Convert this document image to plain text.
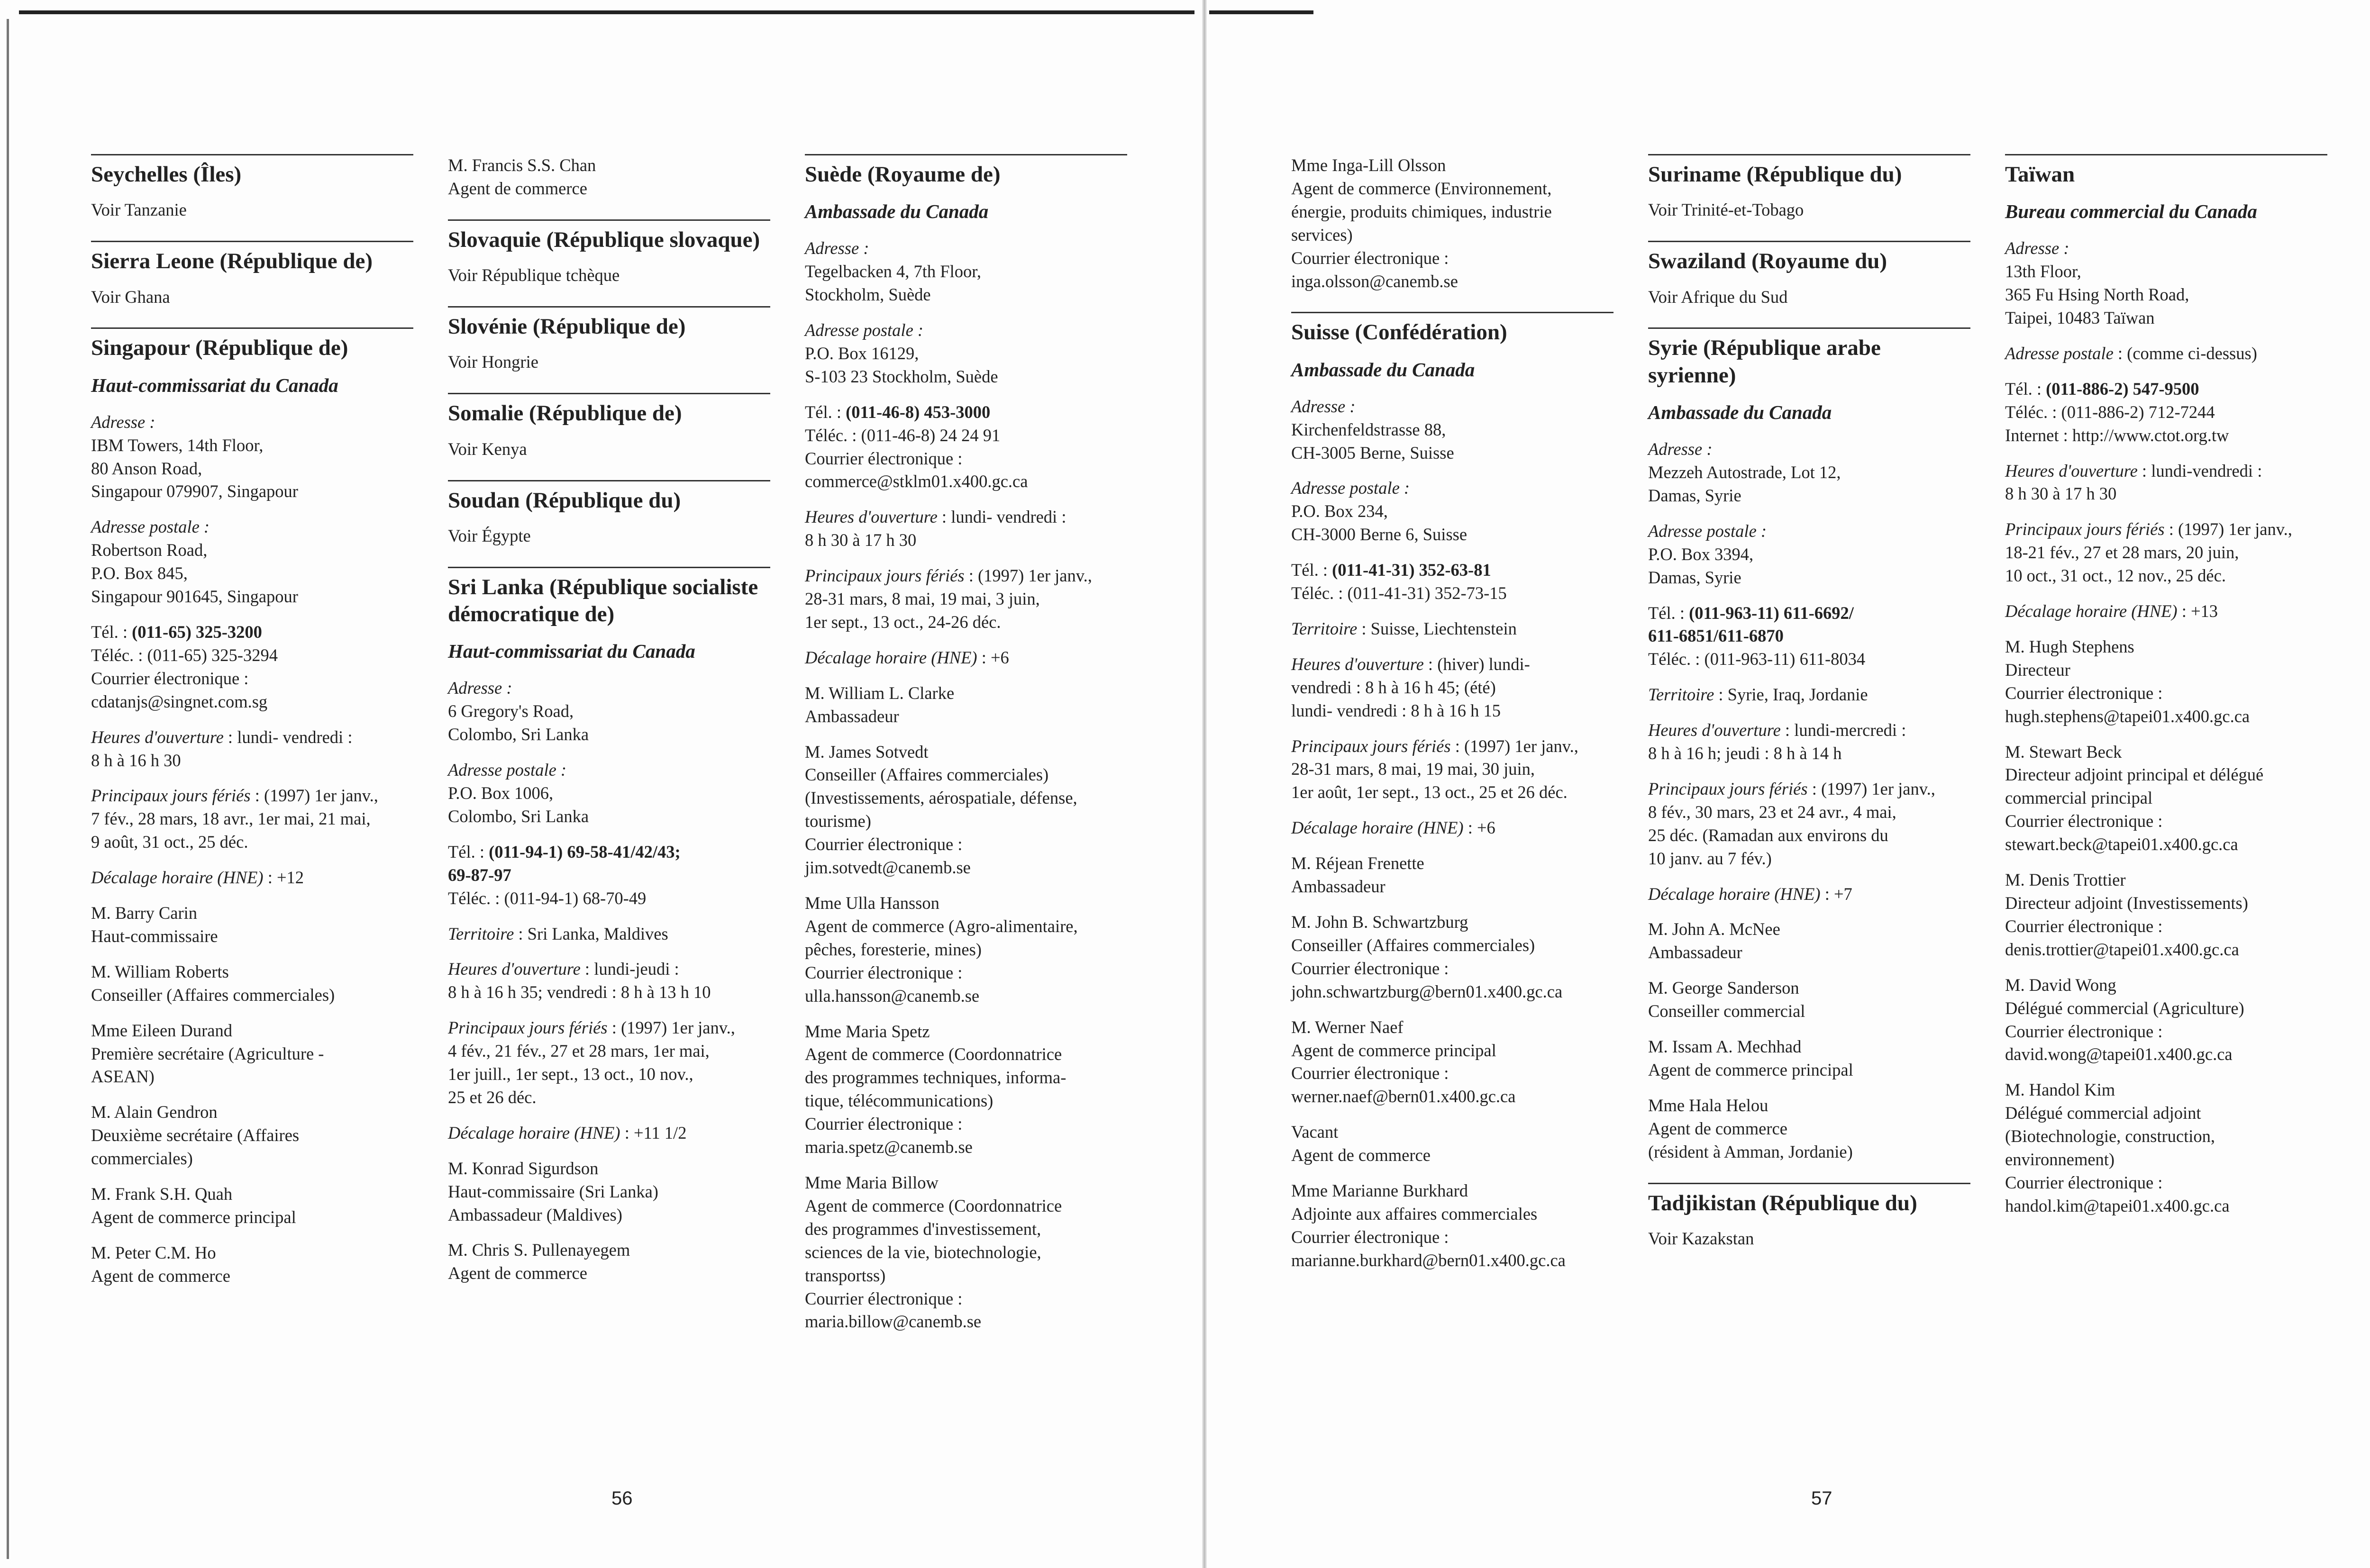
Seychelles (Îles)
Voir Tanzanie
Sierra Leone (République de)
Voir Ghana
Singapour (République de)
Haut-commissariat du Canada
Adresse :
IBM Towers, 14th Floor,
80 Anson Road,
Singapour 079907, Singapour
Adresse postale :
Robertson Road,
P.O. Box 845,
Singapour 901645, Singapour
Tél. : (011-65) 325-3200
Téléc. : (011-65) 325-3294
Courrier électronique :
cdatanjs@singnet.com.sg
Heures d'ouverture : lundi- vendredi :
8 h à 16 h 30
Principaux jours fériés : (1997) 1er janv.,
7 fév., 28 mars, 18 avr., 1er mai, 21 mai,
9 août, 31 oct., 25 déc.
Décalage horaire (HNE) : +12
M. Barry Carin
Haut-commissaire
M. William Roberts
Conseiller (Affaires commerciales)
Mme Eileen Durand
Première secrétaire (Agriculture -
ASEAN)
M. Alain Gendron
Deuxième secrétaire (Affaires
commerciales)
M. Frank S.H. Quah
Agent de commerce principal
M. Peter C.M. Ho
Agent de commerce
M. Francis S.S. Chan
Agent de commerce
Slovaquie (République slovaque)
Voir République tchèque
Slovénie (République de)
Voir Hongrie
Somalie (République de)
Voir Kenya
Soudan (République du)
Voir Égypte
Sri Lanka (République socialiste démocratique de)
Haut-commissariat du Canada
Adresse :
6 Gregory's Road,
Colombo, Sri Lanka
Adresse postale :
P.O. Box 1006,
Colombo, Sri Lanka
Tél. : (011-94-1) 69-58-41/42/43;
69-87-97
Téléc. : (011-94-1) 68-70-49
Territoire : Sri Lanka, Maldives
Heures d'ouverture : lundi-jeudi :
8 h à 16 h 35; vendredi : 8 h à 13 h 10
Principaux jours fériés : (1997) 1er janv.,
4 fév., 21 fév., 27 et 28 mars, 1er mai,
1er juill., 1er sept., 13 oct., 10 nov.,
25 et 26 déc.
Décalage horaire (HNE) : +11 1/2
M. Konrad Sigurdson
Haut-commissaire (Sri Lanka)
Ambassadeur (Maldives)
M. Chris S. Pullenayegem
Agent de commerce
Suède (Royaume de)
Ambassade du Canada
Adresse :
Tegelbacken 4, 7th Floor,
Stockholm, Suède
Adresse postale :
P.O. Box 16129,
S-103 23 Stockholm, Suède
Tél. : (011-46-8) 453-3000
Téléc. : (011-46-8) 24 24 91
Courrier électronique :
commerce@stklm01.x400.gc.ca
Heures d'ouverture : lundi- vendredi :
8 h 30 à 17 h 30
Principaux jours fériés : (1997) 1er janv.,
28-31 mars, 8 mai, 19 mai, 3 juin,
1er sept., 13 oct., 24-26 déc.
Décalage horaire (HNE) : +6
M. William L. Clarke
Ambassadeur
M. James Sotvedt
Conseiller (Affaires commerciales)
(Investissements, aérospatiale, défense,
tourisme)
Courrier électronique :
jim.sotvedt@canemb.se
Mme Ulla Hansson
Agent de commerce (Agro-alimentaire,
pêches, foresterie, mines)
Courrier électronique :
ulla.hansson@canemb.se
Mme Maria Spetz
Agent de commerce (Coordonnatrice
des programmes techniques, informa-
tique, télécommunications)
Courrier électronique :
maria.spetz@canemb.se
Mme Maria Billow
Agent de commerce (Coordonnatrice
des programmes d'investissement,
sciences de la vie, biotechnologie,
transportss)
Courrier électronique :
maria.billow@canemb.se
56
Mme Inga-Lill Olsson
Agent de commerce (Environnement,
énergie, produits chimiques, industrie
services)
Courrier électronique :
inga.olsson@canemb.se
Suisse (Confédération)
Ambassade du Canada
Adresse :
Kirchenfeldstrasse 88,
CH-3005 Berne, Suisse
Adresse postale :
P.O. Box 234,
CH-3000 Berne 6, Suisse
Tél. : (011-41-31) 352-63-81
Téléc. : (011-41-31) 352-73-15
Territoire : Suisse, Liechtenstein
Heures d'ouverture : (hiver) lundi-
vendredi : 8 h à 16 h 45; (été)
lundi- vendredi : 8 h à 16 h 15
Principaux jours fériés : (1997) 1er janv.,
28-31 mars, 8 mai, 19 mai, 30 juin,
1er août, 1er sept., 13 oct., 25 et 26 déc.
Décalage horaire (HNE) : +6
M. Réjean Frenette
Ambassadeur
M. John B. Schwartzburg
Conseiller (Affaires commerciales)
Courrier électronique :
john.schwartzburg@bern01.x400.gc.ca
M. Werner Naef
Agent de commerce principal
Courrier électronique :
werner.naef@bern01.x400.gc.ca
Vacant
Agent de commerce
Mme Marianne Burkhard
Adjointe aux affaires commerciales
Courrier électronique :
marianne.burkhard@bern01.x400.gc.ca
Suriname (République du)
Voir Trinité-et-Tobago
Swaziland (Royaume du)
Voir Afrique du Sud
Syrie (République arabe syrienne)
Ambassade du Canada
Adresse :
Mezzeh Autostrade, Lot 12,
Damas, Syrie
Adresse postale :
P.O. Box 3394,
Damas, Syrie
Tél. : (011-963-11) 611-6692/
611-6851/611-6870
Téléc. : (011-963-11) 611-8034
Territoire : Syrie, Iraq, Jordanie
Heures d'ouverture : lundi-mercredi :
8 h à 16 h; jeudi : 8 h à 14 h
Principaux jours fériés : (1997) 1er janv.,
8 fév., 30 mars, 23 et 24 avr., 4 mai,
25 déc. (Ramadan aux environs du
10 janv. au 7 fév.)
Décalage horaire (HNE) : +7
M. John A. McNee
Ambassadeur
M. George Sanderson
Conseiller commercial
M. Issam A. Mechhad
Agent de commerce principal
Mme Hala Helou
Agent de commerce
(résident à Amman, Jordanie)
Tadjikistan (République du)
Voir Kazakstan
Taïwan
Bureau commercial du Canada
Adresse :
13th Floor,
365 Fu Hsing North Road,
Taipei, 10483 Taïwan
Adresse postale : (comme ci-dessus)
Tél. : (011-886-2) 547-9500
Téléc. : (011-886-2) 712-7244
Internet : http://www.ctot.org.tw
Heures d'ouverture : lundi-vendredi :
8 h 30 à 17 h 30
Principaux jours fériés : (1997) 1er janv.,
18-21 fév., 27 et 28 mars, 20 juin,
10 oct., 31 oct., 12 nov., 25 déc.
Décalage horaire (HNE) : +13
M. Hugh Stephens
Directeur
Courrier électronique :
hugh.stephens@tapei01.x400.gc.ca
M. Stewart Beck
Directeur adjoint principal et délégué
commercial principal
Courrier électronique :
stewart.beck@tapei01.x400.gc.ca
M. Denis Trottier
Directeur adjoint (Investissements)
Courrier électronique :
denis.trottier@tapei01.x400.gc.ca
M. David Wong
Délégué commercial (Agriculture)
Courrier électronique :
david.wong@tapei01.x400.gc.ca
M. Handol Kim
Délégué commercial adjoint
(Biotechnologie, construction,
environnement)
Courrier électronique :
handol.kim@tapei01.x400.gc.ca
57
